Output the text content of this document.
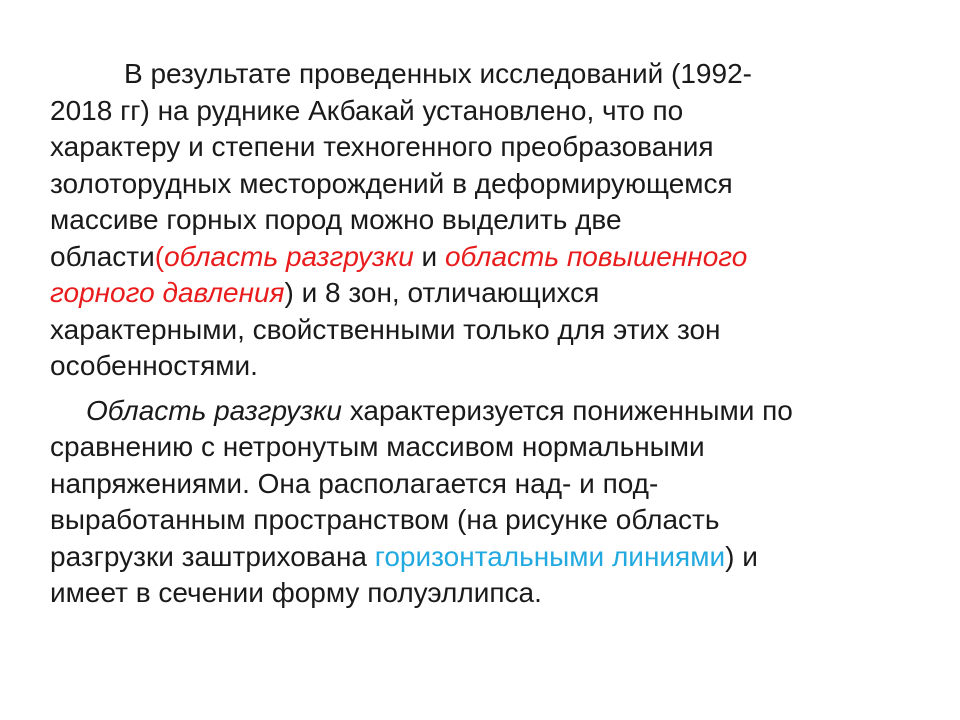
В результате проведенных исследований (1992-
2018 гг) на руднике Акбакай установлено, что по
характеру и степени техногенного преобразования
золоторудных месторождений в деформирующемся
массиве горных пород можно выделить две
области(область разгрузки и область повышенного
горного давления) и 8 зон, отличающихся
характерными, свойственными только для этих зон
особенностями.
Область разгрузки характеризуется пониженными по
сравнению с нетронутым массивом нормальными
напряжениями. Она располагается над- и под-
выработанным пространством (на рисунке область
разгрузки заштрихована горизонтальными линиями) и
имеет в сечении форму полуэллипса.
